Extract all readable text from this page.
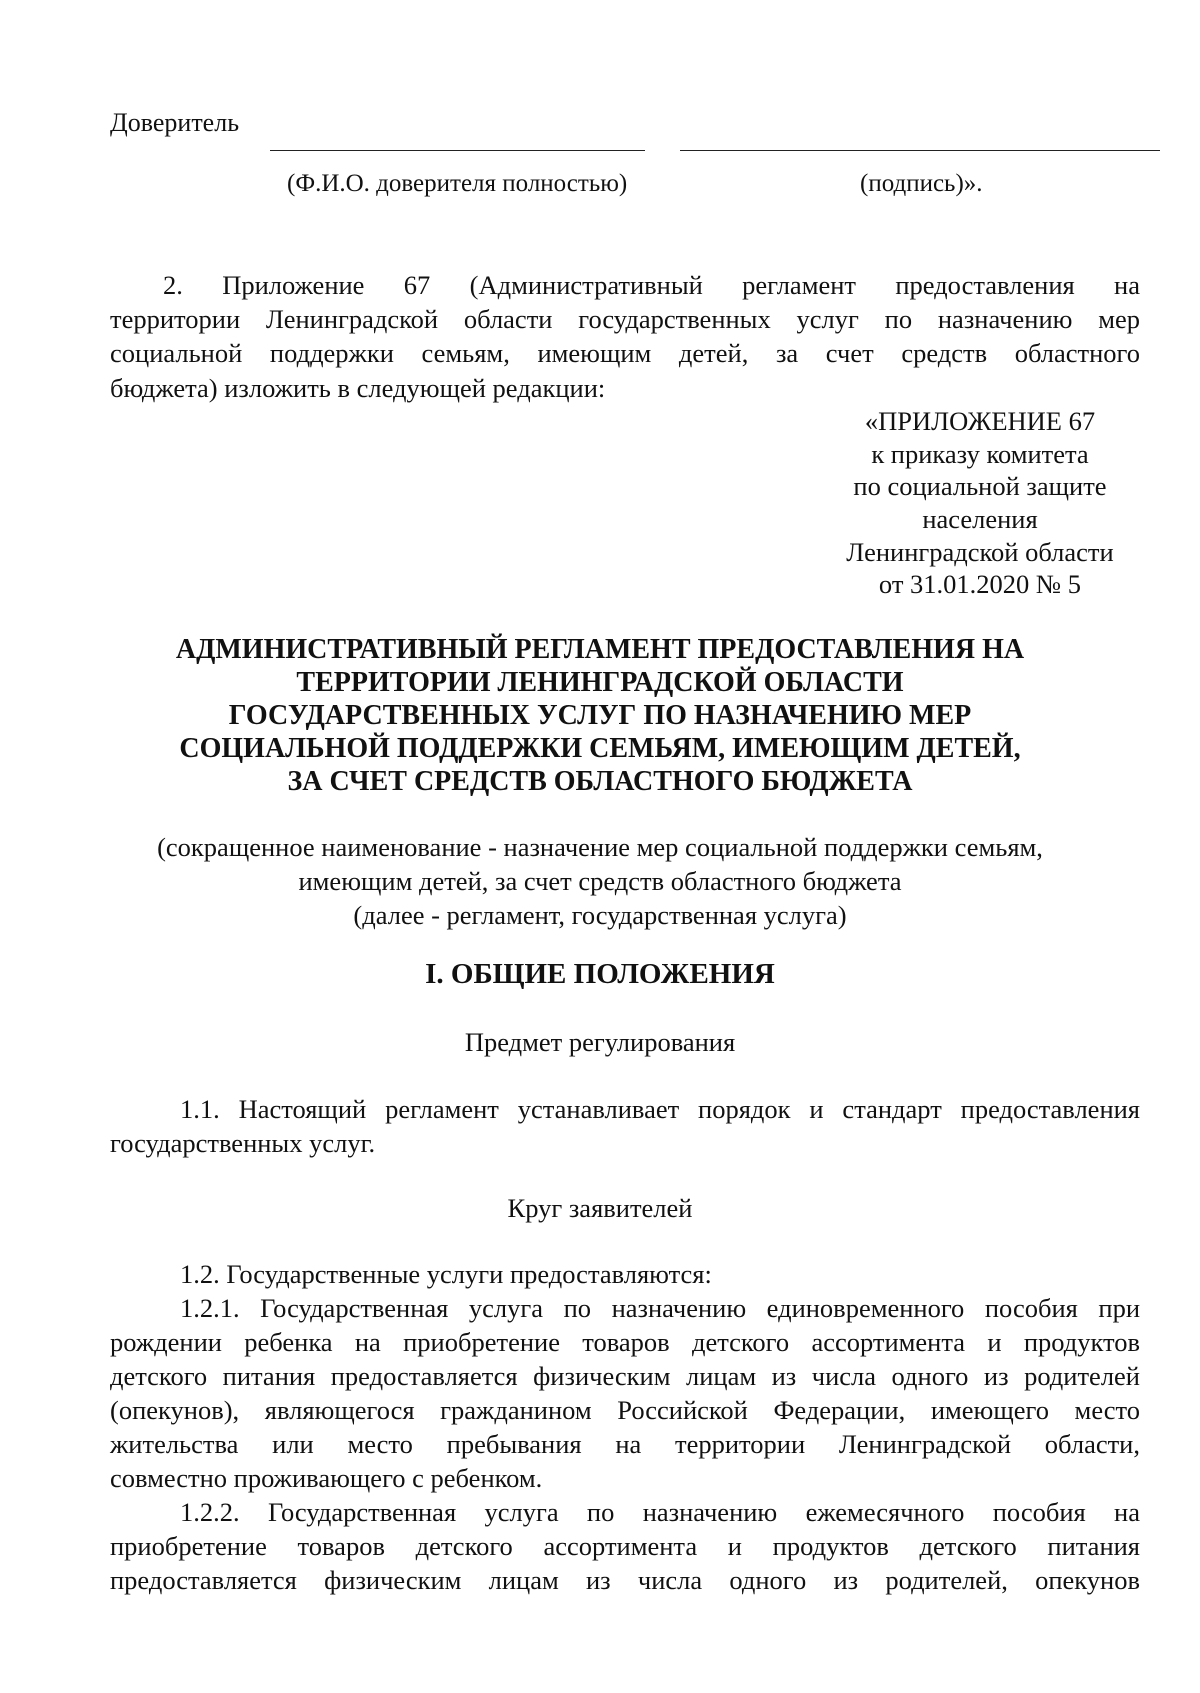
Доверитель
(Ф.И.О. доверителя полностью)	(подпись)».
2. Приложение 67 (Административный регламент предоставления на
территории Ленинградской области государственных услуг по назначению мер
социальной поддержки семьям, имеющим детей, за счет средств областного
бюджета) изложить в следующей редакции:
«ПРИЛОЖЕНИЕ 67
к приказу комитета
по социальной защите
населения
Ленинградской области
от 31.01.2020 № 5
АДМИНИСТРАТИВНЫЙ РЕГЛАМЕНТ ПРЕДОСТАВЛЕНИЯ НА
ТЕРРИТОРИИ ЛЕНИНГРАДСКОЙ ОБЛАСТИ
ГОСУДАРСТВЕННЫХ УСЛУГ ПО НАЗНАЧЕНИЮ МЕР
СОЦИАЛЬНОЙ ПОДДЕРЖКИ СЕМЬЯМ, ИМЕЮЩИМ ДЕТЕЙ,
ЗА СЧЕТ СРЕДСТВ ОБЛАСТНОГО БЮДЖЕТА
(сокращенное наименование - назначение мер социальной поддержки семьям,
имеющим детей, за счет средств областного бюджета
(далее - регламент, государственная услуга)
I. ОБЩИЕ ПОЛОЖЕНИЯ
Предмет регулирования
1.1. Настоящий регламент устанавливает порядок и стандарт предоставления
государственных услуг.
Круг заявителей
1.2. Государственные услуги предоставляются:
1.2.1. Государственная услуга по назначению единовременного пособия при
рождении ребенка на приобретение товаров детского ассортимента и продуктов
детского питания предоставляется физическим лицам из числа одного из родителей
(опекунов), являющегося гражданином Российской Федерации, имеющего место
жительства или место пребывания на территории Ленинградской области,
совместно проживающего с ребенком.
1.2.2. Государственная услуга по назначению ежемесячного пособия на
приобретение товаров детского ассортимента и продуктов детского питания
предоставляется физическим лицам из числа одного из родителей, опекунов
